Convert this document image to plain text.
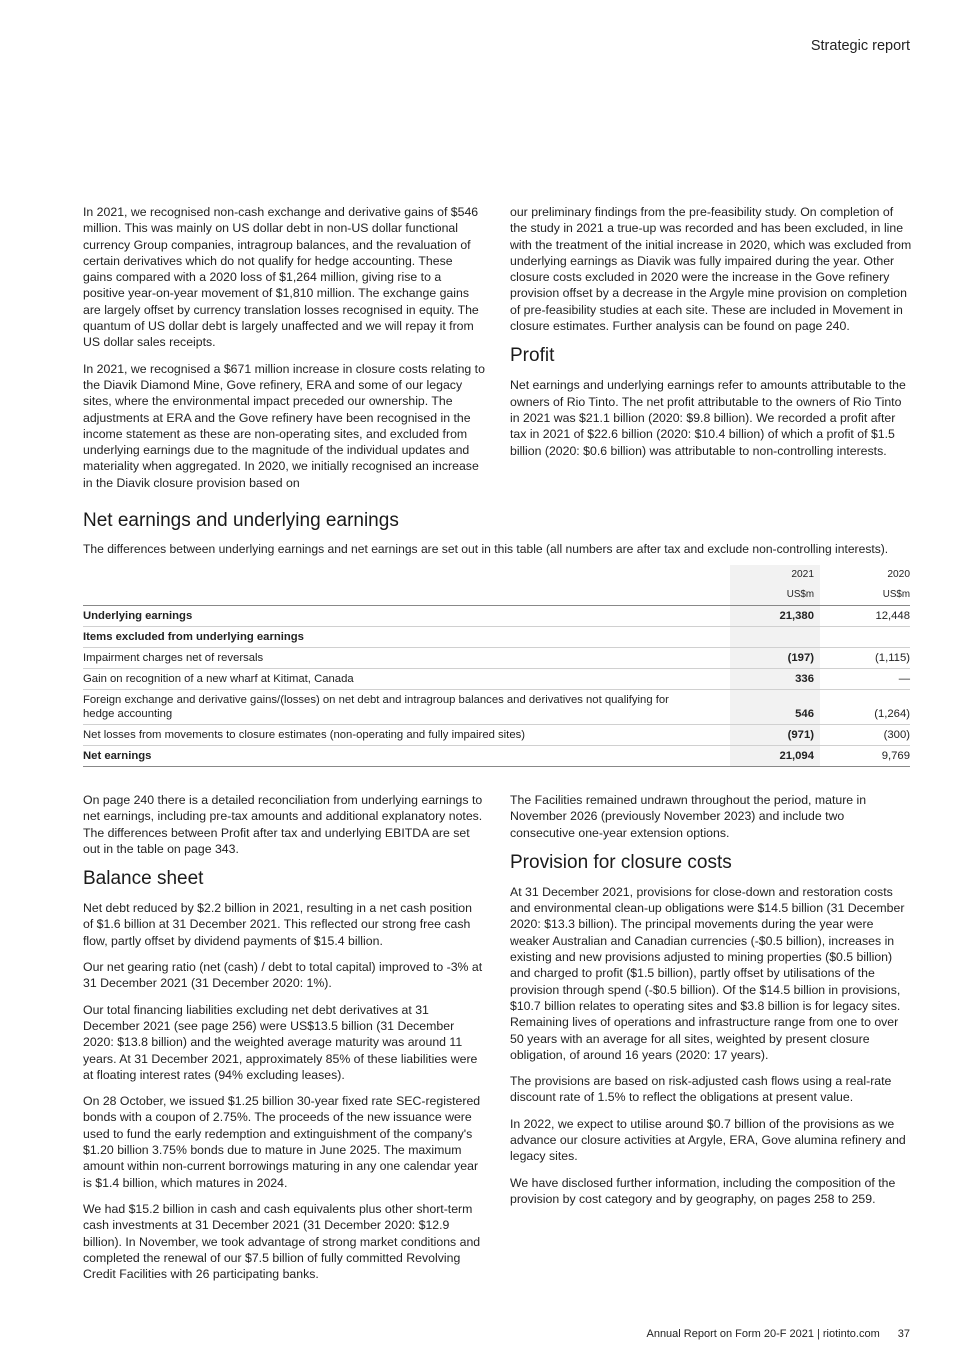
Strategic report

In 2021, we recognised non-cash exchange and derivative gains of $546 million. This was mainly on US dollar debt in non-US dollar functional currency Group companies, intragroup balances, and the revaluation of certain derivatives which do not qualify for hedge accounting. These gains compared with a 2020 loss of $1,264 million, giving rise to a positive year-on-year movement of $1,810 million. The exchange gains are largely offset by currency translation losses recognised in equity. The quantum of US dollar debt is largely unaffected and we will repay it from US dollar sales receipts.

In 2021, we recognised a $671 million increase in closure costs relating to the Diavik Diamond Mine, Gove refinery, ERA and some of our legacy sites, where the environmental impact preceded our ownership. The adjustments at ERA and the Gove refinery have been recognised in the income statement as these are non-operating sites, and excluded from underlying earnings due to the magnitude of the individual updates and materiality when aggregated. In 2020, we initially recognised an increase in the Diavik closure provision based on

our preliminary findings from the pre-feasibility study. On completion of the study in 2021 a true-up was recorded and has been excluded, in line with the treatment of the initial increase in 2020, which was excluded from underlying earnings as Diavik was fully impaired during the year. Other closure costs excluded in 2020 were the increase in the Gove refinery provision offset by a decrease in the Argyle mine provision on completion of pre-feasibility studies at each site. These are included in Movement in closure estimates. Further analysis can be found on page 240.

Profit

Net earnings and underlying earnings refer to amounts attributable to the owners of Rio Tinto. The net profit attributable to the owners of Rio Tinto in 2021 was $21.1 billion (2020: $9.8 billion). We recorded a profit after tax in 2021 of $22.6 billion (2020: $10.4 billion) of which a profit of $1.5 billion (2020: $0.6 billion) was attributable to non-controlling interests.

Net earnings and underlying earnings
The differences between underlying earnings and net earnings are set out in this table (all numbers are after tax and exclude non-controlling interests).
	2021	2020
	US$m	US$m
Underlying earnings	21,380	12,448
Items excluded from underlying earnings		
Impairment charges net of reversals	(197)	(1,115)
Gain on recognition of a new wharf at Kitimat, Canada	336	—
Foreign exchange and derivative gains/(losses) on net debt and intragroup balances and derivatives not qualifying for hedge accounting	546	(1,264)
Net losses from movements to closure estimates (non-operating and fully impaired sites)	(971)	(300)
Net earnings	21,094	9,769

On page 240 there is a detailed reconciliation from underlying earnings to net earnings, including pre-tax amounts and additional explanatory notes. The differences between Profit after tax and underlying EBITDA are set out in the table on page 343.

Balance sheet

Net debt reduced by $2.2 billion in 2021, resulting in a net cash position of $1.6 billion at 31 December 2021. This reflected our strong free cash flow, partly offset by dividend payments of $15.4 billion.

Our net gearing ratio (net (cash) / debt to total capital) improved to -3% at 31 December 2021 (31 December 2020: 1%).

Our total financing liabilities excluding net debt derivatives at 31 December 2021 (see page 256) were US$13.5 billion (31 December 2020: $13.8 billion) and the weighted average maturity was around 11 years. At 31 December 2021, approximately 85% of these liabilities were at floating interest rates (94% excluding leases).

On 28 October, we issued $1.25 billion 30-year fixed rate SEC-registered bonds with a coupon of 2.75%. The proceeds of the new issuance were used to fund the early redemption and extinguishment of the company's $1.20 billion 3.75% bonds due to mature in June 2025. The maximum amount within non-current borrowings maturing in any one calendar year is $1.4 billion, which matures in 2024.

We had $15.2 billion in cash and cash equivalents plus other short-term cash investments at 31 December 2021 (31 December 2020: $12.9 billion). In November, we took advantage of strong market conditions and completed the renewal of our $7.5 billion of fully committed Revolving Credit Facilities with 26 participating banks.

The Facilities remained undrawn throughout the period, mature in November 2026 (previously November 2023) and include two consecutive one-year extension options.

Provision for closure costs

At 31 December 2021, provisions for close-down and restoration costs and environmental clean-up obligations were $14.5 billion (31 December 2020: $13.3 billion). The principal movements during the year were weaker Australian and Canadian currencies (-$0.5 billion), increases in existing and new provisions adjusted to mining properties ($0.5 billion) and charged to profit ($1.5 billion), partly offset by utilisations of the provision through spend (-$0.5 billion). Of the $14.5 billion in provisions, $10.7 billion relates to operating sites and $3.8 billion is for legacy sites. Remaining lives of operations and infrastructure range from one to over 50 years with an average for all sites, weighted by present closure obligation, of around 16 years (2020: 17 years).

The provisions are based on risk-adjusted cash flows using a real-rate discount rate of 1.5% to reflect the obligations at present value.

In 2022, we expect to utilise around $0.7 billion of the provisions as we advance our closure activities at Argyle, ERA, Gove alumina refinery and legacy sites.

We have disclosed further information, including the composition of the provision by cost category and by geography, on pages 258 to 259.

Annual Report on Form 20-F 2021 | riotinto.com 37
